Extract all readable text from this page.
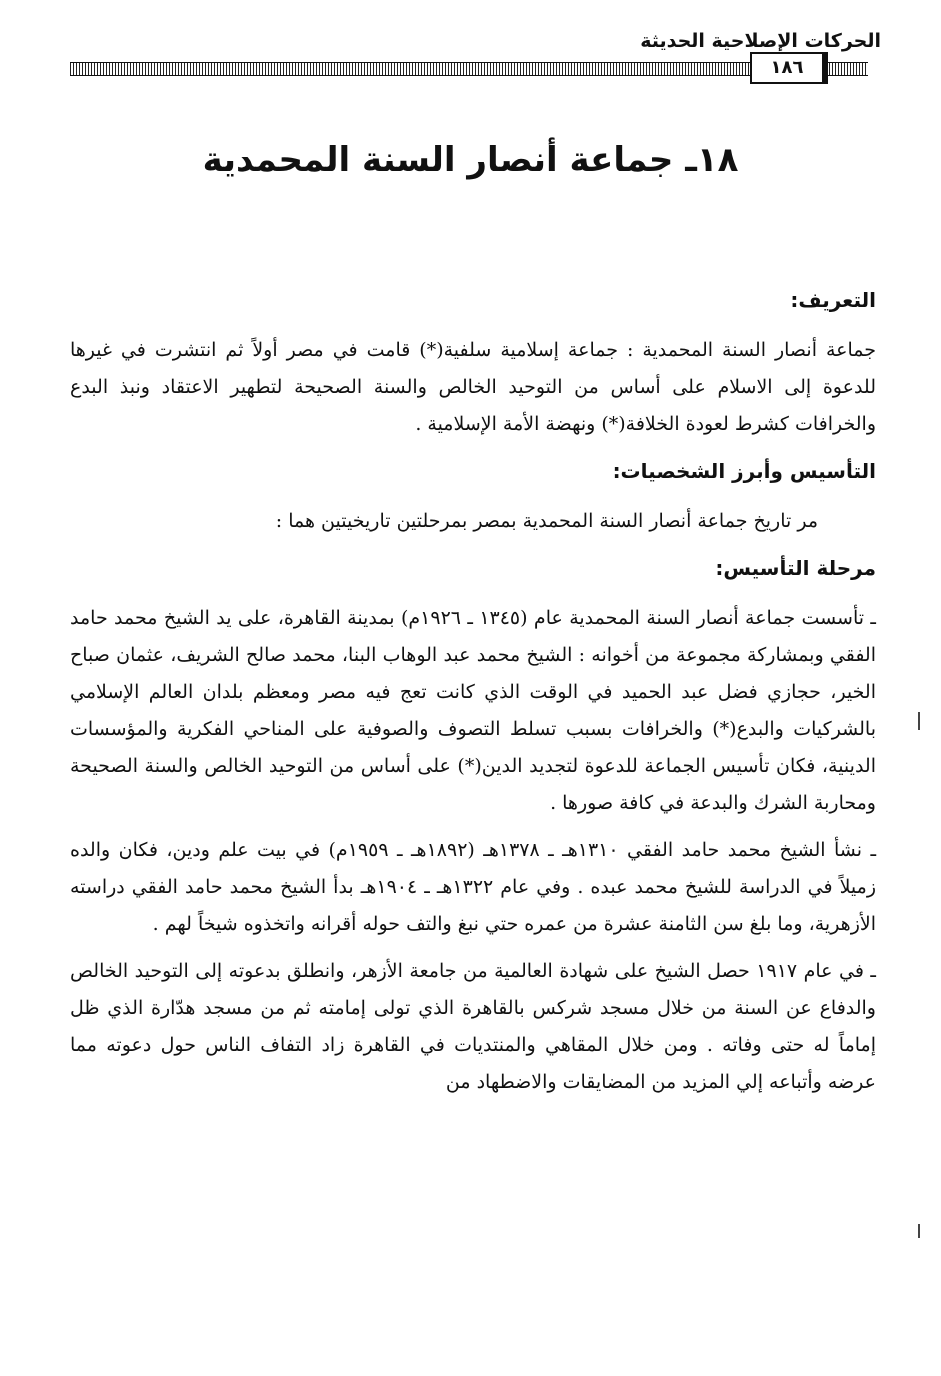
الحركات الإصلاحية الحديثة
١٨٦
١٨ـ جماعة أنصار السنة المحمدية
التعريف:

جماعة أنصار السنة المحمدية : جماعة إسلامية سلفية(*) قامت في مصر أولاً ثم انتشرت في غيرها للدعوة إلى الاسلام على أساس من التوحيد الخالص والسنة الصحيحة لتطهير الاعتقاد ونبذ البدع والخرافات كشرط لعودة الخلافة(*) ونهضة الأمة الإسلامية .

التأسيس وأبرز الشخصيات:

مر تاريخ جماعة أنصار السنة المحمدية بمصر بمرحلتين تاريخيتين هما :

مرحلة التأسيس:

ـ تأسست جماعة أنصار السنة المحمدية عام (١٣٤٥ ـ ١٩٢٦م) بمدينة القاهرة، على يد الشيخ محمد حامد الفقي وبمشاركة مجموعة من أخوانه : الشيخ محمد عبد الوهاب البنا، محمد صالح الشريف، عثمان صباح الخير، حجازي فضل عبد الحميد في الوقت الذي كانت تعج فيه مصر ومعظم بلدان العالم الإسلامي بالشركيات والبدع(*) والخرافات بسبب تسلط التصوف والصوفية على المناحي الفكرية والمؤسسات الدينية، فكان تأسيس الجماعة للدعوة لتجديد الدين(*) على أساس من التوحيد الخالص والسنة الصحيحة ومحاربة الشرك والبدعة في كافة صورها .

ـ نشأ الشيخ محمد حامد الفقي ١٣١٠هـ ـ ١٣٧٨هـ (١٨٩٢هـ ـ ١٩٥٩م) في بيت علم ودين، فكان والده زميلاً في الدراسة للشيخ محمد عبده . وفي عام ١٣٢٢هـ ـ ١٩٠٤هـ بدأ الشيخ محمد حامد الفقي دراسته الأزهرية، وما بلغ سن الثامنة عشرة من عمره حتي نبغ والتف حوله أقرانه واتخذوه شيخاً لهم .

ـ في عام ١٩١٧ حصل الشيخ على شهادة العالمية من جامعة الأزهر، وانطلق بدعوته إلى التوحيد الخالص والدفاع عن السنة من خلال مسجد شركس بالقاهرة الذي تولى إمامته ثم من مسجد هدّارة الذي ظل إماماً له حتى وفاته . ومن خلال المقاهي والمنتديات في القاهرة زاد التفاف الناس حول دعوته مما عرضه وأتباعه إلي المزيد من المضايقات والاضطهاد من
